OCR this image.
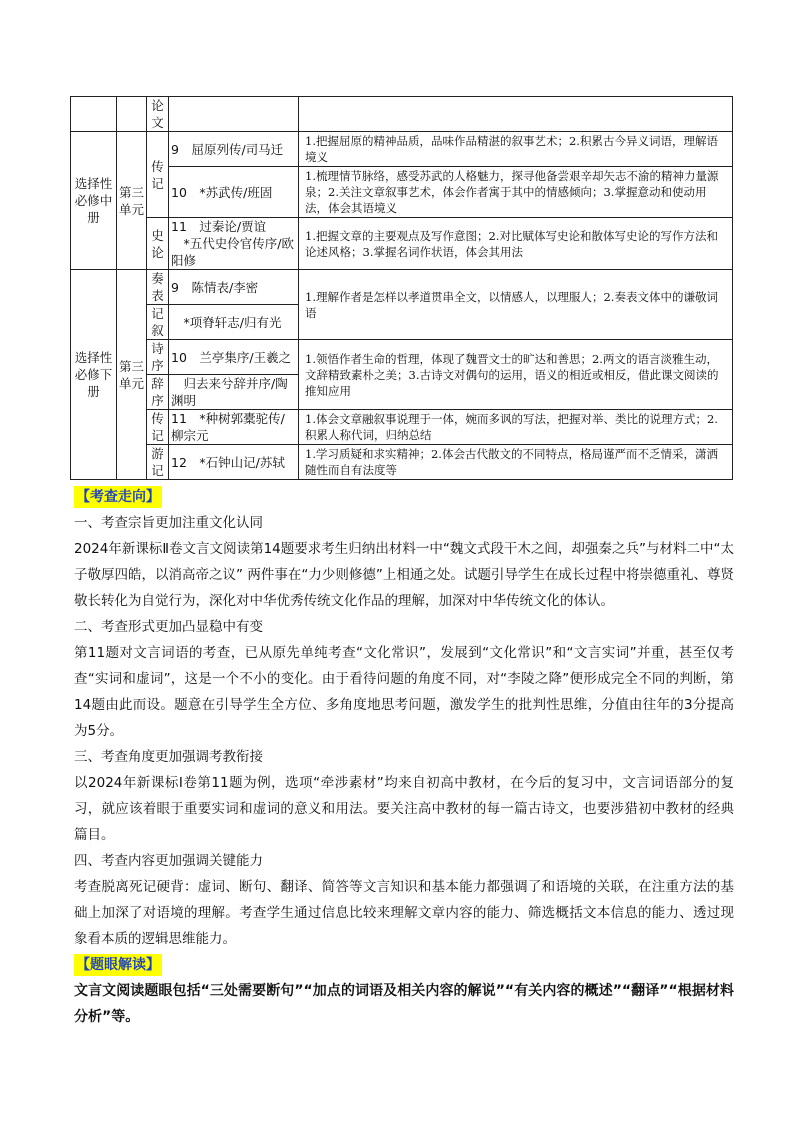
		论文		
选择性必修中册	第三单元	传记	9　屈原列传/司马迁	1.把握屈原的精神品质，品味作品精湛的叙事艺术；2.积累古今异义词语，理解语境义
			10　*苏武传/班固	1.梳理情节脉络，感受苏武的人格魅力，探寻他备尝艰辛却矢志不渝的精神力量源泉；2.关注文章叙事艺术，体会作者寓于其中的情感倾向；3.掌握意动和使动用法，体会其语境义
		史论	11　过秦论/贾谊
　*五代史伶官传序/欧阳修	1.把握文章的主要观点及写作意图；2.对比赋体写史论和散体写史论的写作方法和论述风格；3.掌握名词作状语，体会其用法
选择性必修下册	第三单元	奏表	9　陈情表/李密	1.理解作者是怎样以孝道贯串全文，以情感人，以理服人；2.奏表文体中的谦敬词语
		记叙	　*项脊轩志/归有光	
		诗序	10　兰亭集序/王羲之	1.领悟作者生命的哲理，体现了魏晋文士的旷达和善思；2.两文的语言淡雅生动，文辞精致素朴之美；3.古诗文对偶句的运用，语义的相近或相反，借此课文阅读的推知应用
		辞序	　归去来兮辞并序/陶渊明	
		传记	11　*种树郭橐驼传/柳宗元	1.体会文章融叙事说理于一体，婉而多讽的写法，把握对举、类比的说理方式；2.积累人称代词，归纳总结
		游记	12　*石钟山记/苏轼	1.学习质疑和求实精神；2.体会古代散文的不同特点，格局谨严而不乏情采，潇洒随性而自有法度等
【考查走向】

一、考查宗旨更加注重文化认同

2024年新课标Ⅱ卷文言文阅读第14题要求考生归纳出材料一中“魏文式段干木之闾，却强秦之兵”与材料二中“太子敬厚四皓，以消高帝之议” 两件事在“力少则修德”上相通之处。试题引导学生在成长过程中将崇德重礼、尊贤敬长转化为自觉行为，深化对中华优秀传统文化作品的理解，加深对中华传统文化的体认。

二、考查形式更加凸显稳中有变

第11题对文言词语的考查，已从原先单纯考查“文化常识”，发展到“文化常识”和“文言实词”并重，甚至仅考查“实词和虚词”，这是一个不小的变化。由于看待问题的角度不同，对“李陵之降”便形成完全不同的判断，第14题由此而设。题意在引导学生全方位、多角度地思考问题，激发学生的批判性思维，分值由往年的3分提高为5分。

三、考查角度更加强调考教衔接

以2024年新课标Ⅰ卷第11题为例，选项“牵涉素材”均来自初高中教材，在今后的复习中，文言词语部分的复习，就应该着眼于重要实词和虚词的意义和用法。要关注高中教材的每一篇古诗文，也要涉猎初中教材的经典篇目。

四、考查内容更加强调关键能力

考查脱离死记硬背：虚词、断句、翻译、简答等文言知识和基本能力都强调了和语境的关联，在注重方法的基础上加深了对语境的理解。考查学生通过信息比较来理解文章内容的能力、筛选概括文本信息的能力、透过现象看本质的逻辑思维能力。

【题眼解读】

文言文阅读题眼包括“三处需要断句”“加点的词语及相关内容的解说”“有关内容的概述”“翻译”“根据材料分析”等。
